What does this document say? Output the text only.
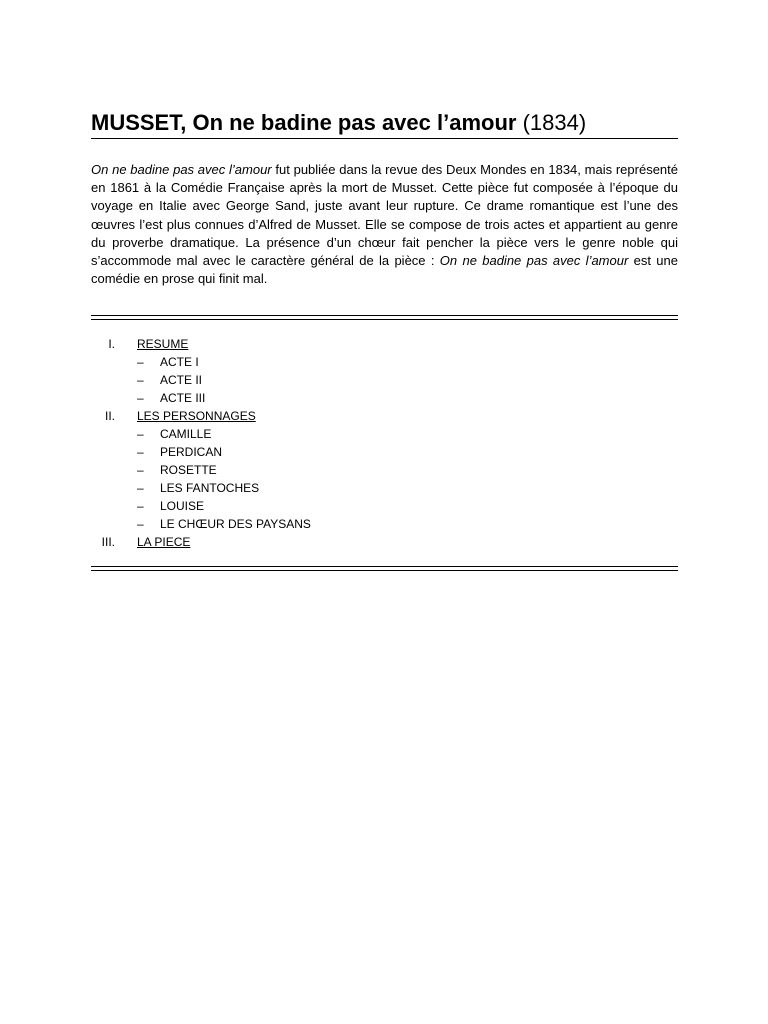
MUSSET, On ne badine pas avec l’amour (1834)

On ne badine pas avec l’amour fut publiée dans la revue des Deux Mondes en 1834, mais représenté en 1861 à la Comédie Française après la mort de Musset. Cette pièce fut composée à l’époque du voyage en Italie avec George Sand, juste avant leur rupture. Ce drame romantique est l’une des œuvres l’est plus connues d’Alfred de Musset. Elle se compose de trois actes et appartient au genre du proverbe dramatique. La présence d’un chœur fait pencher la pièce vers le genre noble qui s’accommode mal avec le caractère général de la pièce : On ne badine pas avec l’amour est une comédie en prose qui finit mal.

I. RESUME
– ACTE I
– ACTE II
– ACTE III
II. LES PERSONNAGES
– CAMILLE
– PERDICAN
– ROSETTE
– LES FANTOCHES
– LOUISE
– LE CHŒUR DES PAYSANS
III. LA PIECE
